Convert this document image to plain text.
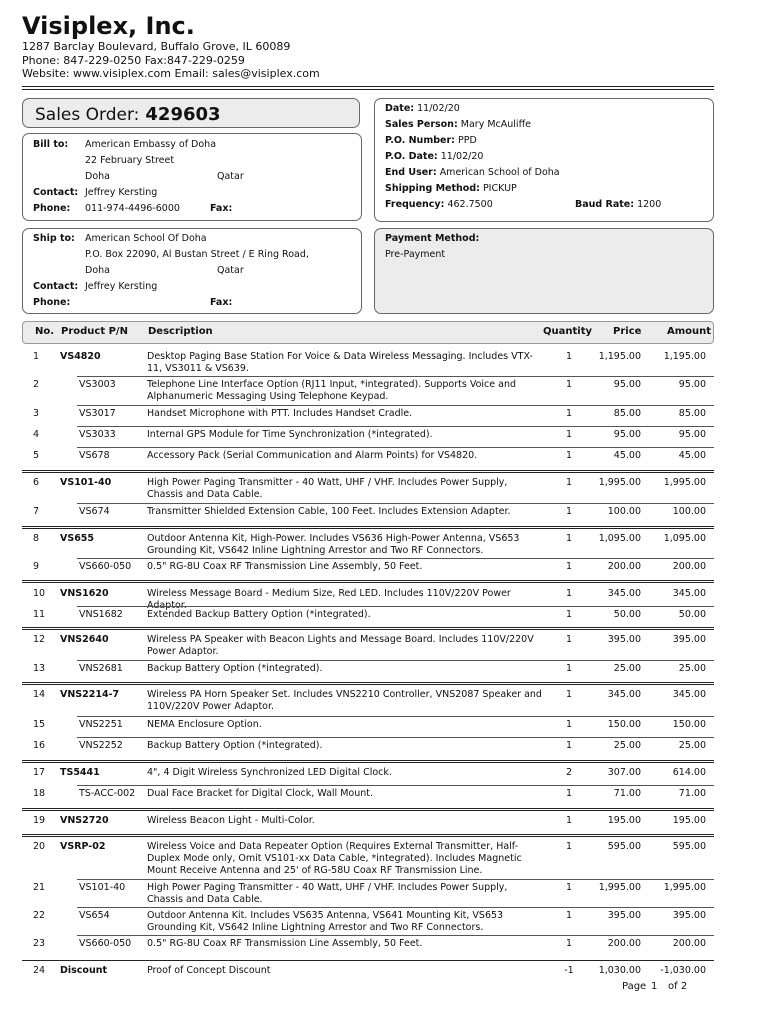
Visiplex, Inc.
1287 Barclay Boulevard, Buffalo Grove, IL 60089
Phone: 847-229-0250 Fax:847-229-0259
Website: www.visiplex.com Email: sales@visiplex.com
Sales Order: 429603	Date: 11/02/20
Sales Person: Mary McAuliffe
P.O. Number: PPD
P.O. Date: 11/02/20
End User: American School of Doha
Shipping Method: PICKUP
Frequency: 462.7500	Baud Rate: 1200
Bill to: American Embassy of Doha
22 February Street
Doha	Qatar
Contact: Jeffrey Kersting
Phone: 011-974-4496-6000	Fax:
Ship to: American School Of Doha
P.O. Box 22090, Al Bustan Street / E Ring Road,
Doha	Qatar
Contact: Jeffrey Kersting
Phone:	Fax:
Payment Method:
Pre-Payment
No. Product P/N Description	Quantity Price	Amount
1 VS4820	Desktop Paging Base Station For Voice & Data Wireless Messaging. Includes VTX-11, VS3011 & VS639.
1	1,195.00	1,195.00
2	VS3003	Telephone Line Interface Option (RJ11 Input, *integrated). Supports Voice and Alphanumeric Messaging Using Telephone Keypad.
1	95.00	95.00
3	VS3017	Handset Microphone with PTT. Includes Handset Cradle.	1	85.00	85.00
4	VS3033	Internal GPS Module for Time Synchronization (*integrated).	1	95.00	95.00
5	VS678	Accessory Pack (Serial Communication and Alarm Points) for VS4820.	1	45.00	45.00
6 VS101-40	High Power Paging Transmitter - 40 Watt, UHF / VHF. Includes Power Supply, Chassis and Data Cable.
1	1,995.00	1,995.00
7	VS674	Transmitter Shielded Extension Cable, 100 Feet. Includes Extension Adapter.	1	100.00	100.00
8 VS655	Outdoor Antenna Kit, High-Power. Includes VS636 High-Power Antenna, VS653 Grounding Kit, VS642 Inline Lightning Arrestor and Two RF Connectors.
1	1,095.00	1,095.00
9	VS660-050 0.5" RG-8U Coax RF Transmission Line Assembly, 50 Feet.	1	200.00	200.00
10 VNS1620	Wireless Message Board - Medium Size, Red LED. Includes 110V/220V Power Adaptor.
1	345.00	345.00
11	VNS1682	Extended Backup Battery Option (*integrated).	1	50.00	50.00
12 VNS2640	Wireless PA Speaker with Beacon Lights and Message Board. Includes 110V/220V Power Adaptor.
1	395.00	395.00
13	VNS2681	Backup Battery Option (*integrated).	1	25.00	25.00
14 VNS2214-7	Wireless PA Horn Speaker Set. Includes VNS2210 Controller, VNS2087 Speaker and 110V/220V Power Adaptor.
1	345.00	345.00
15	VNS2251	NEMA Enclosure Option.	1	150.00	150.00
16	VNS2252	Backup Battery Option (*integrated).	1	25.00	25.00
17 TS5441	4", 4 Digit Wireless Synchronized LED Digital Clock.	2	307.00	614.00
18	TS-ACC-002 Dual Face Bracket for Digital Clock, Wall Mount.	1	71.00	71.00
19 VNS2720	Wireless Beacon Light - Multi-Color.	1	195.00	195.00
20 VSRP-02	Wireless Voice and Data Repeater Option (Requires External Transmitter, Half-Duplex Mode only, Omit VS101-xx Data Cable, *integrated). Includes Magnetic Mount Receive Antenna and 25' of RG-58U Coax RF Transmission Line.
1	595.00	595.00
21	VS101-40 High Power Paging Transmitter - 40 Watt, UHF / VHF. Includes Power Supply, Chassis and Data Cable.
1	1,995.00	1,995.00
22	VS654	Outdoor Antenna Kit. Includes VS635 Antenna, VS641 Mounting Kit, VS653 Grounding Kit, VS642 Inline Lightning Arrestor and Two RF Connectors.
1	395.00	395.00
23	VS660-050 0.5" RG-8U Coax RF Transmission Line Assembly, 50 Feet.	1	200.00	200.00
24 Discount	Proof of Concept Discount	-1	1,030.00	-1,030.00
Page 1 of 2
